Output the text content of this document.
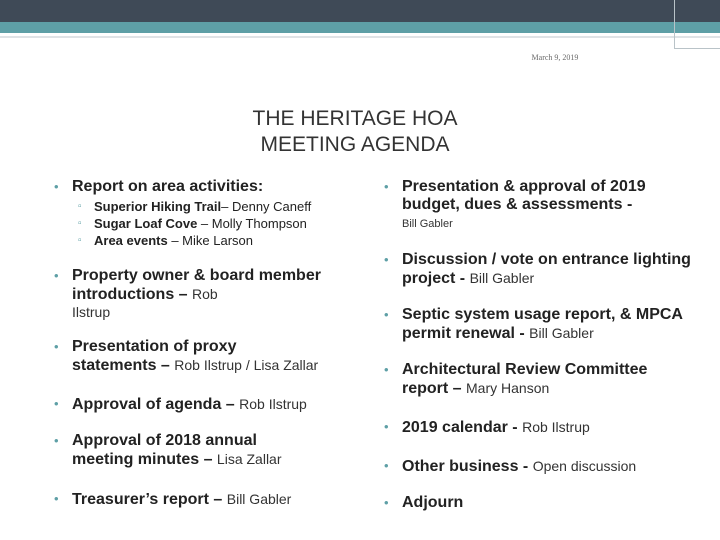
March 9, 2019
THE HERITAGE HOA
MEETING AGENDA
• Report on area activities:
▫ Superior Hiking Trail– Denny Caneff
▫ Sugar Loaf Cove – Molly Thompson
▫ Area events – Mike Larson
• Property owner & board member introductions – Rob
Ilstrup
• Presentation of proxy statements – Rob Ilstrup / Lisa Zallar
• Approval of agenda – Rob Ilstrup
• Approval of 2018 annual meeting minutes – Lisa Zallar
• Treasurer’s report – Bill Gabler
• Presentation & approval of 2019 budget, dues & assessments -
Bill Gabler
• Discussion / vote on entrance lighting project - Bill Gabler
• Septic system usage report, & MPCA permit renewal - Bill Gabler
• Architectural Review Committee report – Mary Hanson
• 2019 calendar - Rob Ilstrup
• Other business - Open discussion
• Adjourn
